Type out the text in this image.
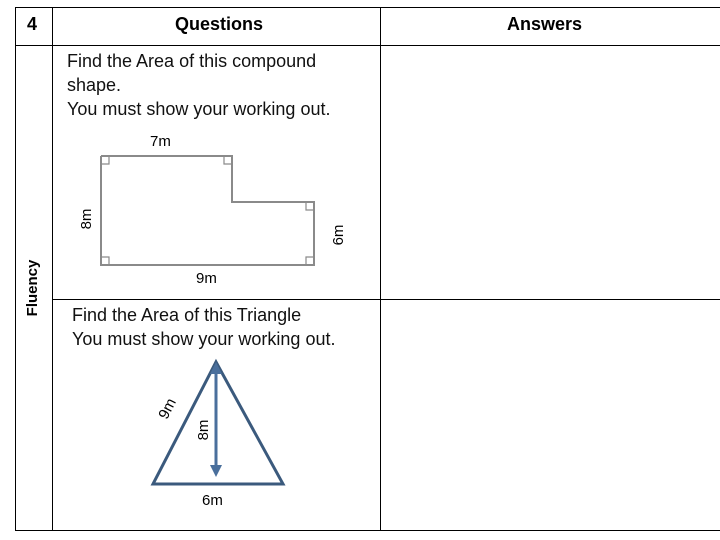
4	Questions	Answers
Fluency
Find the Area of this compound
shape.
You must show your working out.
7m
8m
6m
9m
Find the Area of this Triangle
You must show your working out.
9m
8m
6m
